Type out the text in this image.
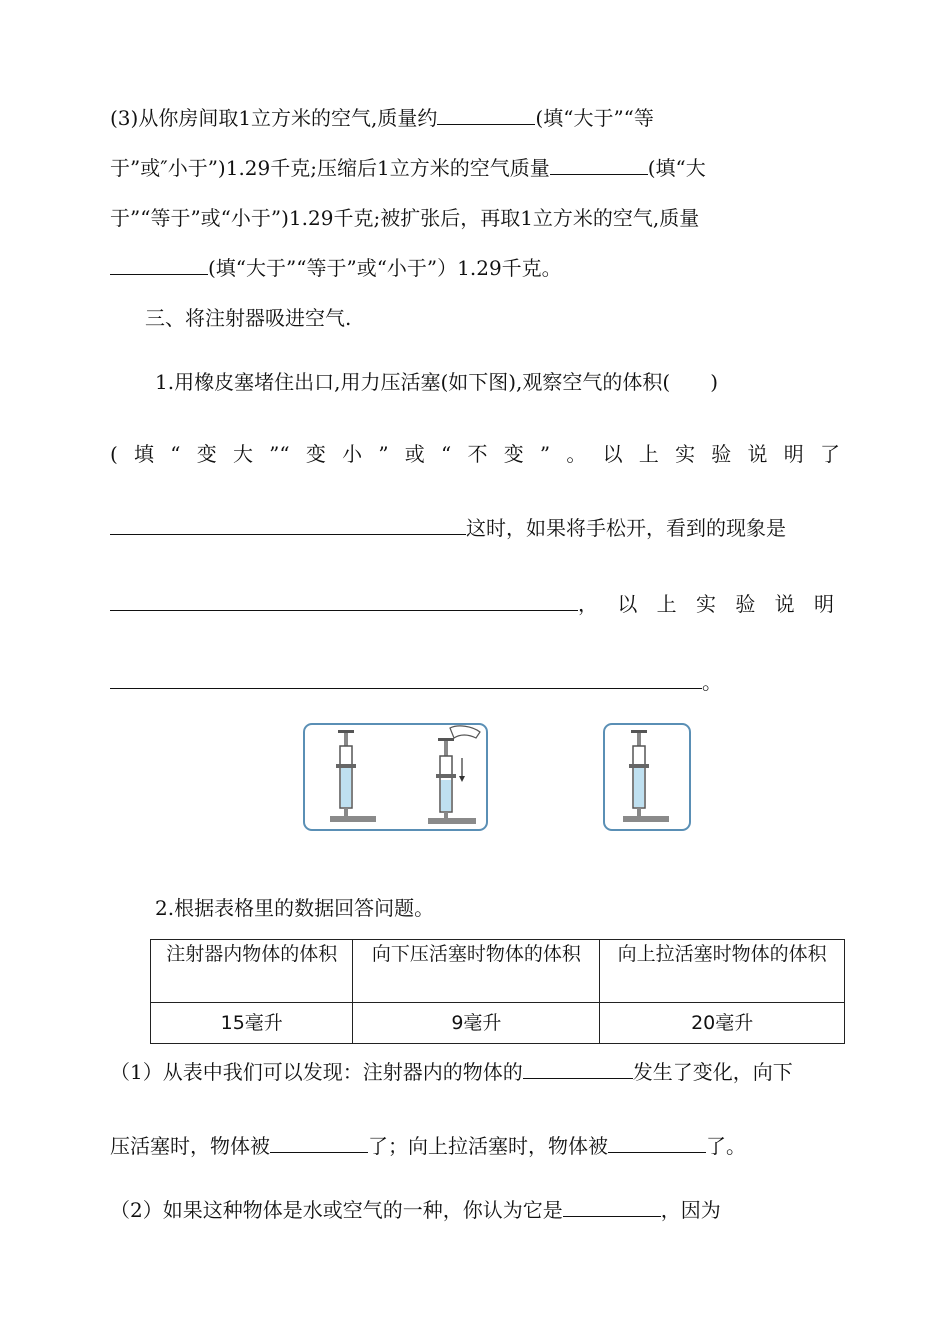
(3)从你房间取1立方米的空气,质量约	(填“大于”“等
于”或″小于”)1.29千克;压缩后1立方米的空气质量	(填“大
于”“等于”或“小于”)1.29千克;被扩张后，再取1立方米的空气,质量
(填“大于”“等于”或“小于”）1.29千克。
三、将注射器吸进空气.
1.用橡皮塞堵住出口,用力压活塞(如下图),观察空气的体积(　　)
(填“变大”“变小”或“不变”。以上实验说明了
这时，如果将手松开，看到的现象是
，以上实验说明
。
2.根据表格里的数据回答问题。
注射器内物体的体积	向下压活塞时物体的体积	向上拉活塞时物体的体积
15毫升	9毫升	20毫升
（1）从表中我们可以发现：注射器内的物体的	发生了变化，向下
压活塞时，物体被	了；向上拉活塞时，物体被	了。
（2）如果这种物体是水或空气的一种，你认为它是	，因为
